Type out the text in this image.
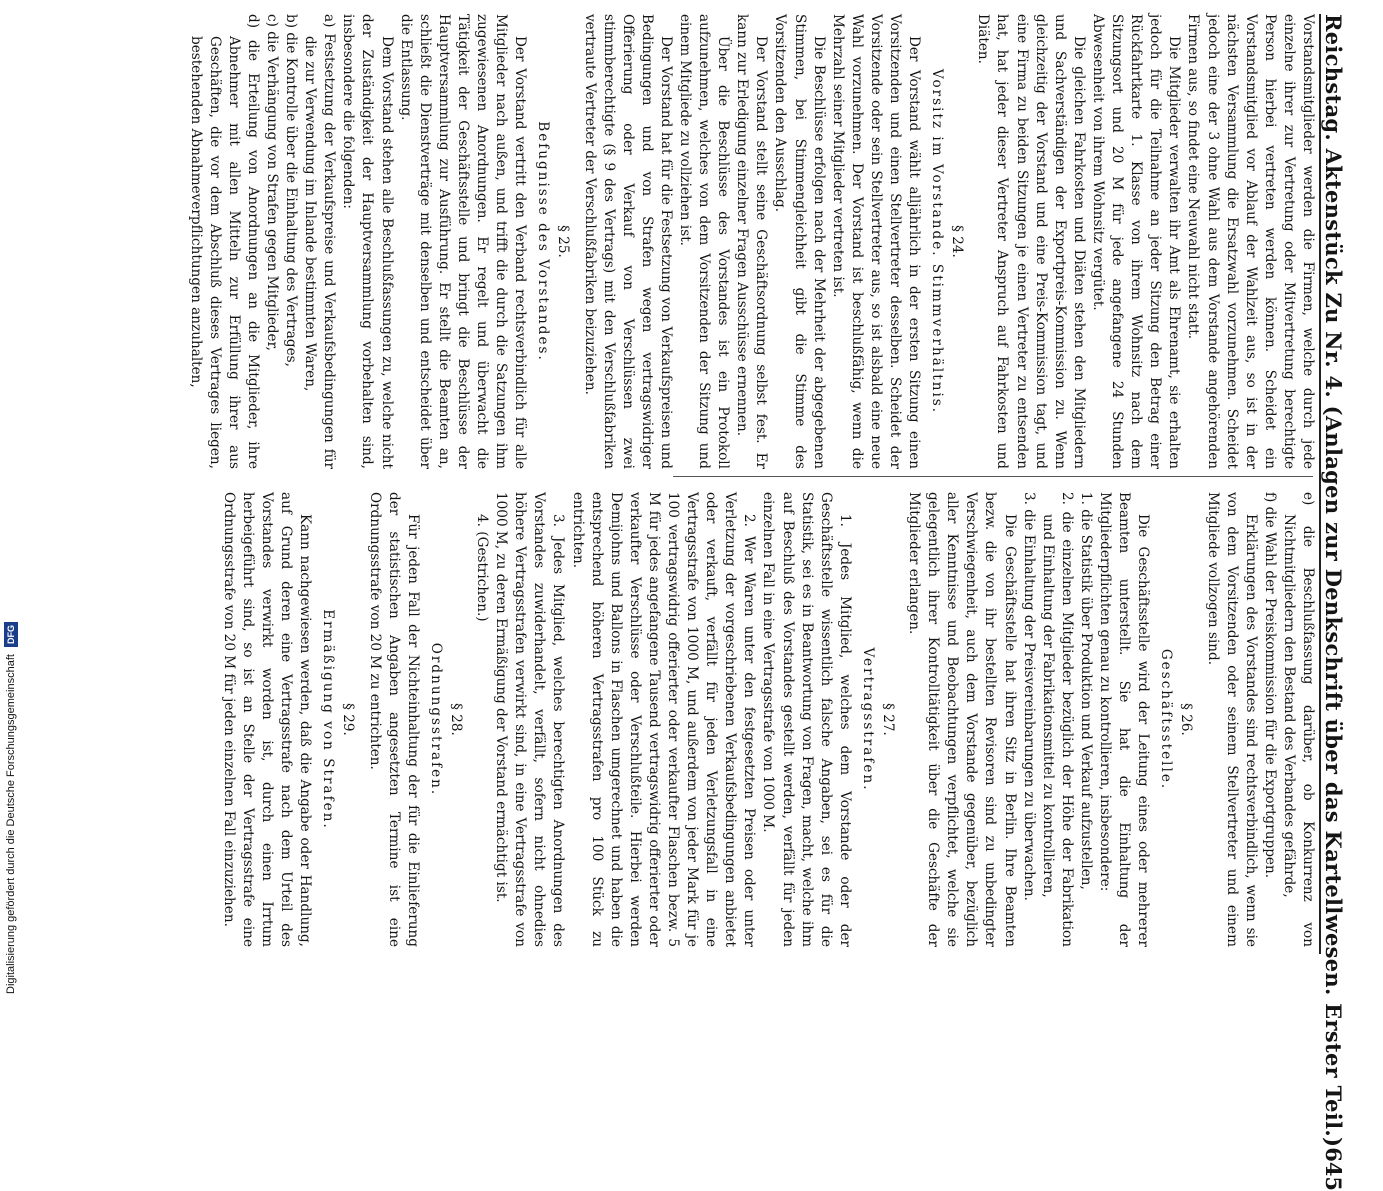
Reichstag. Aktenstück Zu Nr. 4. (Anlagen zur Denkschrift über das Kartellwesen. Erster Teil.)
645

Vorstandsmitglieder werden die Firmen, welche durch jede einzelne ihrer zur Vertretung oder Mitvertretung berechtigte Person hierbei vertreten werden können. Scheidet ein Vorstandsmitglied vor Ablauf der Wahlzeit aus, so ist in der nächsten Versammlung die Ersatzwahl vorzunehmen. Scheidet jedoch eine der 3 ohne Wahl aus dem Vorstande angehörenden Firmen aus, so findet eine Neuwahl nicht statt.

Die Mitglieder verwalten ihr Amt als Ehrenamt, sie erhalten jedoch für die Teilnahme an jeder Sitzung den Betrag einer Rückfahrtkarte 1. Klasse von ihrem Wohnsitz nach dem Sitzungsort und 20 M für jede angefangene 24 Stunden Abwesenheit von ihrem Wohnsitz vergütet.

Die gleichen Fahrkosten und Diäten stehen den Mitgliedern und Sachverständigen der Exportpreis-Kommission zu. Wenn gleichzeitig der Vorstand und eine Preis-Kommission tagt, und eine Firma zu beiden Sitzungen je einen Vertreter zu entsenden hat, hat jeder dieser Vertreter Anspruch auf Fahrkosten und Diäten.

§ 24.
Vorsitz im Vorstande. Stimmverhältnis.

Der Vorstand wählt alljährlich in der ersten Sitzung einen Vorsitzenden und einen Stellvertreter desselben. Scheidet der Vorsitzende oder sein Stellvertreter aus, so ist alsbald eine neue Wahl vorzunehmen. Der Vorstand ist beschlußfähig, wenn die Mehrzahl seiner Mitglieder vertreten ist.

Die Beschlüsse erfolgen nach der Mehrheit der abgegebenen Stimmen, bei Stimmengleichheit gibt die Stimme des Vorsitzenden den Ausschlag.

Der Vorstand stellt seine Geschäftsordnung selbst fest. Er kann zur Erledigung einzelner Fragen Ausschüsse ernennen.

Über die Beschlüsse des Vorstandes ist ein Protokoll aufzunehmen, welches von dem Vorsitzenden der Sitzung und einem Mitgliede zu vollziehen ist.

Der Vorstand hat für die Festsetzung von Verkaufspreisen und Bedingungen und von Strafen wegen vertragswidriger Offerierung oder Verkauf von Verschlüssen zwei stimmberechtigte (§ 9 des Vertrags) mit den Verschlußfabriken vertraute Vertreter der Verschlußfabriken beizuziehen.

§ 25.
Befugnisse des Vorstandes.

Der Vorstand vertritt den Verband rechtsverbindlich für alle Mitglieder nach außen, und trifft die durch die Satzungen ihm zugewiesenen Anordnungen. Er regelt und überwacht die Tätigkeit der Geschäftsstelle und bringt die Beschlüsse der Hauptversammlung zur Ausführung. Er stellt die Beamten an, schließt die Dienstverträge mit denselben und entscheidet über die Entlassung.

Dem Vorstand stehen alle Beschlußfassungen zu, welche nicht der Zuständigkeit der Hauptversammlung vorbehalten sind, insbesondere die folgenden:

a) Festsetzung der Verkaufspreise und Verkaufsbedingungen für die zur Verwendung im Inlande bestimmten Waren,

b) die Kontrolle über die Einhaltung des Vertrages,

c) die Verhängung von Strafen gegen Mitglieder,

d) die Erteilung von Anordnungen an die Mitglieder, ihre Abnehmer mit allen Mitteln zur Erfüllung ihrer aus Geschäften, die vor dem Abschluß dieses Vertrages liegen, bestehenden Abnahmeverpflichtungen anzuhalten,

e) die Beschlußfassung darüber, ob Konkurrenz von Nichtmitgliedern den Bestand des Verbandes gefährde,

f) die Wahl der Preiskommission für die Exportgruppen.

Erklärungen des Vorstandes sind rechtsverbindlich, wenn sie von dem Vorsitzenden oder seinem Stellvertreter und einem Mitgliede vollzogen sind.

§ 26.
Geschäftsstelle.

Die Geschäftsstelle wird der Leitung eines oder mehrerer Beamten unterstellt. Sie hat die Einhaltung der Mitgliederpflichten genau zu kontrollieren, insbesondere:

1. die Statistik über Produktion und Verkauf aufzustellen,

2. die einzelnen Mitglieder bezüglich der Höhe der Fabrikation und Einhaltung der Fabrikationsmittel zu kontrollieren,

3. die Einhaltung der Preisvereinbarungen zu überwachen.

Die Geschäftsstelle hat ihren Sitz in Berlin. Ihre Beamten bezw. die von ihr bestellten Revisoren sind zu unbedingter Verschwiegenheit, auch dem Vorstande gegenüber, bezüglich aller Kenntnisse und Beobachtungen verpflichtet, welche sie gelegentlich ihrer Kontrolltätigkeit über die Geschäfte der Mitglieder erlangen.

§ 27.
Vertragsstrafen.

1. Jedes Mitglied, welches dem Vorstande oder der Geschäftsstelle wissentlich falsche Angaben, sei es für die Statistik, sei es in Beantwortung von Fragen, macht, welche ihm auf Beschluß des Vorstandes gestellt werden, verfällt für jeden einzelnen Fall in eine Vertragsstrafe von 1000 M.

2. Wer Waren unter den festgesetzten Preisen oder unter Verletzung der vorgeschriebenen Verkaufsbedingungen anbietet oder verkauft, verfällt für jeden Verletzungsfall in eine Vertragsstrafe von 1000 M, und außerdem von jeder Mark für je 100 vertragswidrig offerierter oder verkaufter Flaschen bezw. 5 M für jedes angefangene Tausend vertragswidrig offerierter oder verkaufter Verschlüsse oder Verschlußteile. Hierbei werden Demijohns und Ballons in Flaschen umgerechnet und haben die entsprechend höheren Vertragsstrafen pro 100 Stück zu entrichten.

3. Jedes Mitglied, welches berechtigten Anordnungen des Vorstandes zuwiderhandelt, verfällt, sofern nicht ohnedies höhere Vertragsstrafen verwirkt sind, in eine Vertragsstrafe von 1000 M, zu deren Ermäßigung der Vorstand ermächtigt ist.

4. (Gestrichen.)

§ 28.
Ordnungsstrafen.

Für jeden Fall der Nichteinhaltung der für die Einlieferung der statistischen Angaben angesetzten Termine ist eine Ordnungsstrafe von 20 M zu entrichten.

§ 29.
Ermäßigung von Strafen.

Kann nachgewiesen werden, daß die Angabe oder Handlung, auf Grund deren eine Vertragsstrafe nach dem Urteil des Vorstandes verwirkt worden ist, durch einen Irrtum herbeigeführt sind, so ist an Stelle der Vertragsstrafe eine Ordnungsstrafe von 20 M für jeden einzelnen Fall einzuziehen.

Digitalisierung gefördert durch die Deutsche Forschungsgemeinschaft DFG
